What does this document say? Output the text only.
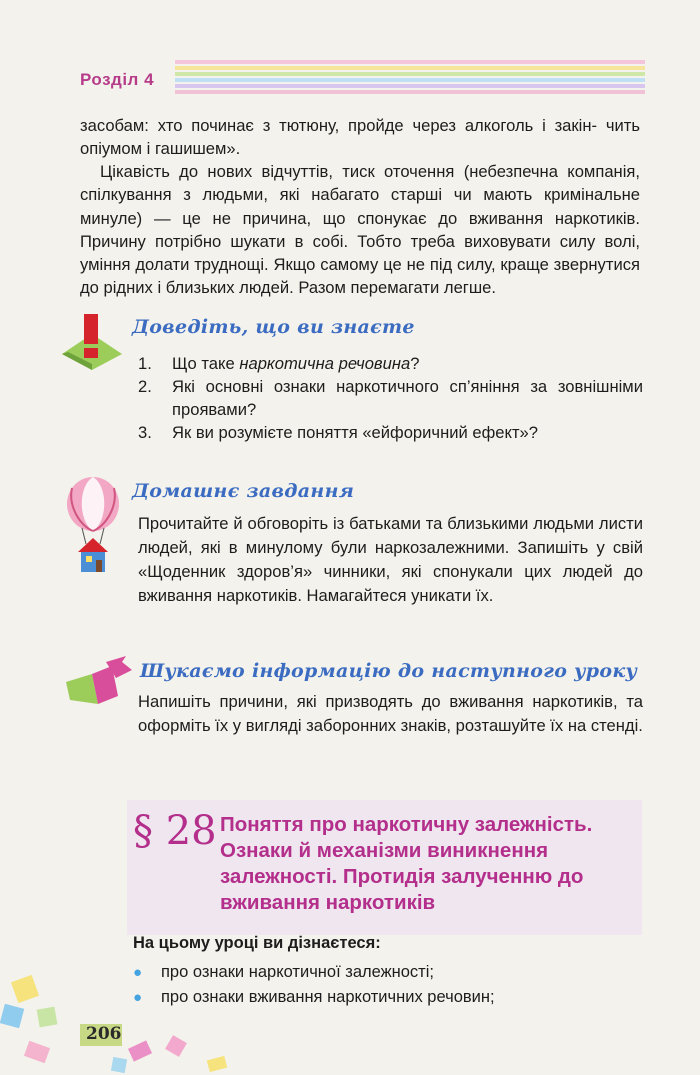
Розділ 4
засобам: хто починає з тютюну, пройде через алкоголь і закін- чить опіумом і гашишем».
Цікавість до нових відчуттів, тиск оточення (небезпечна компанія, спілкування з людьми, які набагато старші чи мають кримінальне минуле) — це не причина, що спонукає до вживання наркотиків. Причину потрібно шукати в собі. Тобто треба виховувати силу волі, уміння долати труднощі. Якщо самому це не під силу, краще звернутися до рідних і близьких людей. Разом перемагати легше.
Доведіть, що ви знаєте
1.	Що таке наркотична речовина?
2.	Які основні ознаки наркотичного сп’яніння за зовнішніми проявами?
3.	Як ви розумієте поняття «ейфоричний ефект»?
Домашнє завдання
Прочитайте й обговоріть із батьками та близькими людьми листи людей, які в минулому були наркозалежними. Запишіть у свій «Щоденник здоров’я» чинники, які спонукали цих людей до вживання наркотиків. Намагайтеся уникати їх.
Шукаємо інформацію до наступного уроку
Напишіть причини, які призводять до вживання наркотиків, та оформіть їх у вигляді заборонних знаків, розташуйте їх на стенді.
§ 28 Поняття про наркотичну залежність. Ознаки й механізми виникнення залежності. Протидія залученню до вживання наркотиків
На цьому уроці ви дізнаєтеся:
●	про ознаки наркотичної залежності;
●	про ознаки вживання наркотичних речовин;
206
